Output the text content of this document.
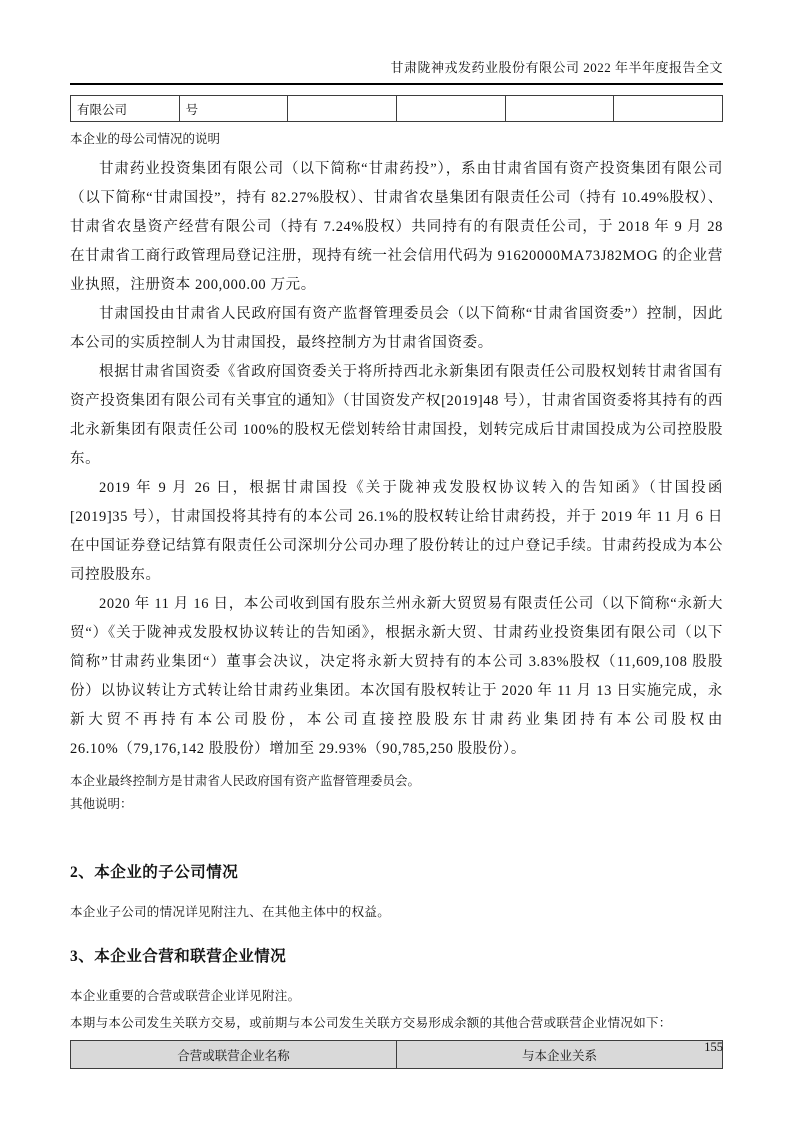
甘肃陇神戎发药业股份有限公司 2022 年半年度报告全文
有限公司	号				
本企业的母公司情况的说明

甘肃药业投资集团有限公司（以下简称“甘肃药投”），系由甘肃省国有资产投资集团有限公司（以下简称“甘肃国投”，持有 82.27%股权）、甘肃省农垦集团有限责任公司（持有 10.49%股权）、甘肃省农垦资产经营有限公司（持有 7.24%股权）共同持有的有限责任公司，于 2018 年 9 月 28 在甘肃省工商行政管理局登记注册，现持有统一社会信用代码为 91620000MA73J82MOG 的企业营业执照，注册资本 200,000.00 万元。

甘肃国投由甘肃省人民政府国有资产监督管理委员会（以下简称“甘肃省国资委”）控制，因此本公司的实质控制人为甘肃国投，最终控制方为甘肃省国资委。

根据甘肃省国资委《省政府国资委关于将所持西北永新集团有限责任公司股权划转甘肃省国有资产投资集团有限公司有关事宜的通知》（甘国资发产权[2019]48 号），甘肃省国资委将其持有的西北永新集团有限责任公司 100%的股权无偿划转给甘肃国投，划转完成后甘肃国投成为公司控股股东。

2019 年 9 月 26 日，根据甘肃国投《关于陇神戎发股权协议转入的告知函》（甘国投函[2019]35 号），甘肃国投将其持有的本公司 26.1%的股权转让给甘肃药投，并于 2019 年 11 月 6 日在中国证券登记结算有限责任公司深圳分公司办理了股份转让的过户登记手续。甘肃药投成为本公司控股股东。

2020 年 11 月 16 日，本公司收到国有股东兰州永新大贸贸易有限责任公司（以下简称“永新大贸“）《关于陇神戎发股权协议转让的告知函》，根据永新大贸、甘肃药业投资集团有限公司（以下简称”甘肃药业集团“）董事会决议，决定将永新大贸持有的本公司 3.83%股权（11,609,108 股股份）以协议转让方式转让给甘肃药业集团。本次国有股权转让于 2020 年 11 月 13 日实施完成，永新大贸不再持有本公司股份，本公司直接控股股东甘肃药业集团持有本公司股权由 26.10%（79,176,142 股股份）增加至 29.93%（90,785,250 股股份）。

本企业最终控制方是甘肃省人民政府国有资产监督管理委员会。
其他说明：
2、本企业的子公司情况
本企业子公司的情况详见附注九、在其他主体中的权益。
3、本企业合营和联营企业情况
本企业重要的合营或联营企业详见附注。
本期与本公司发生关联方交易，或前期与本公司发生关联方交易形成余额的其他合营或联营企业情况如下：
合营或联营企业名称	与本企业关系
155
